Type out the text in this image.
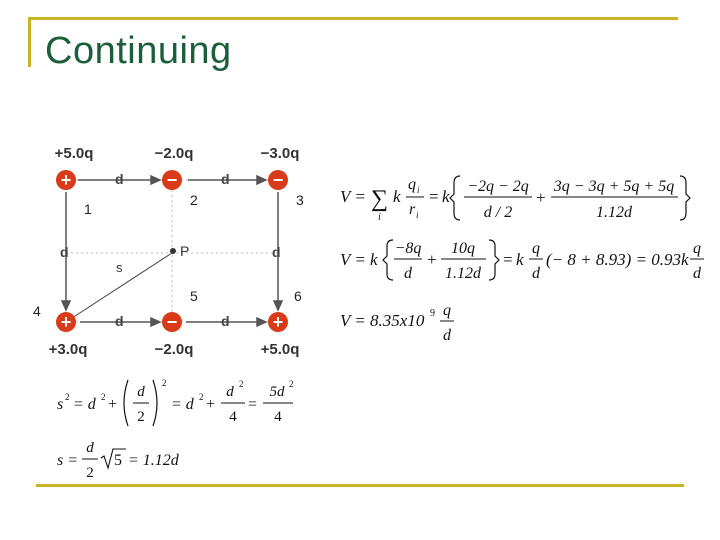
Continuing
P
s
d	d
d	d
d	d
+	−	−
+	−	+
+5.0q	−2.0q	−3.0q
+3.0q	−2.0q	+5.0q
1
2	3
4
5	6
V = ∑
i
k
q i
r i
= k
−2q − 2q
d / 2
+
3q − 3q + 5q + 5q
1.12d
V = k
−8q
d
+
10q
1.12d
= k
q
d
(− 8 + 8.93) = 0.93k
q
d
V = 8.35x10 9 q
d
s 2 = d 2 +
d
2
2
= d 2 +
d 2
4
=
5d 2
4
s =
d
2
5 = 1.12d
